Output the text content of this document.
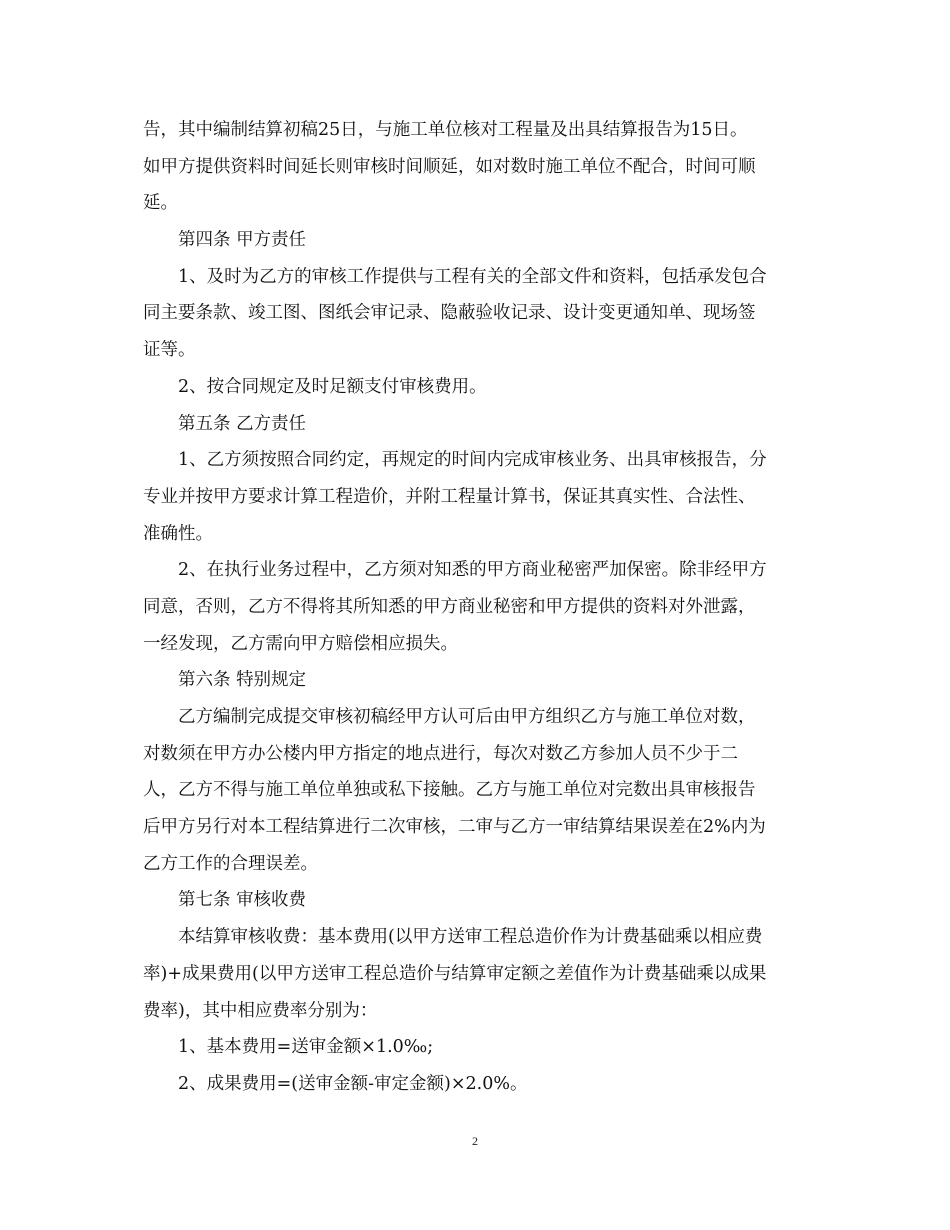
告，其中编制结算初稿25日，与施工单位核对工程量及出具结算报告为15日。
如甲方提供资料时间延长则审核时间顺延，如对数时施工单位不配合，时间可顺
延。
第四条 甲方责任
1、及时为乙方的审核工作提供与工程有关的全部文件和资料，包括承发包合
同主要条款、竣工图、图纸会审记录、隐蔽验收记录、设计变更通知单、现场签
证等。
2、按合同规定及时足额支付审核费用。
第五条 乙方责任
1、乙方须按照合同约定，再规定的时间内完成审核业务、出具审核报告，分
专业并按甲方要求计算工程造价，并附工程量计算书，保证其真实性、合法性、
准确性。
2、在执行业务过程中，乙方须对知悉的甲方商业秘密严加保密。除非经甲方
同意，否则，乙方不得将其所知悉的甲方商业秘密和甲方提供的资料对外泄露，
一经发现，乙方需向甲方赔偿相应损失。
第六条 特别规定
乙方编制完成提交审核初稿经甲方认可后由甲方组织乙方与施工单位对数，
对数须在甲方办公楼内甲方指定的地点进行，每次对数乙方参加人员不少于二
人，乙方不得与施工单位单独或私下接触。乙方与施工单位对完数出具审核报告
后甲方另行对本工程结算进行二次审核，二审与乙方一审结算结果误差在2%内为
乙方工作的合理误差。
第七条 审核收费
本结算审核收费：基本费用(以甲方送审工程总造价作为计费基础乘以相应费
率)+成果费用(以甲方送审工程总造价与结算审定额之差值作为计费基础乘以成果
费率)，其中相应费率分别为：
1、基本费用=送审金额×1.0‰;
2、成果费用=(送审金额-审定金额)×2.0%。
2
